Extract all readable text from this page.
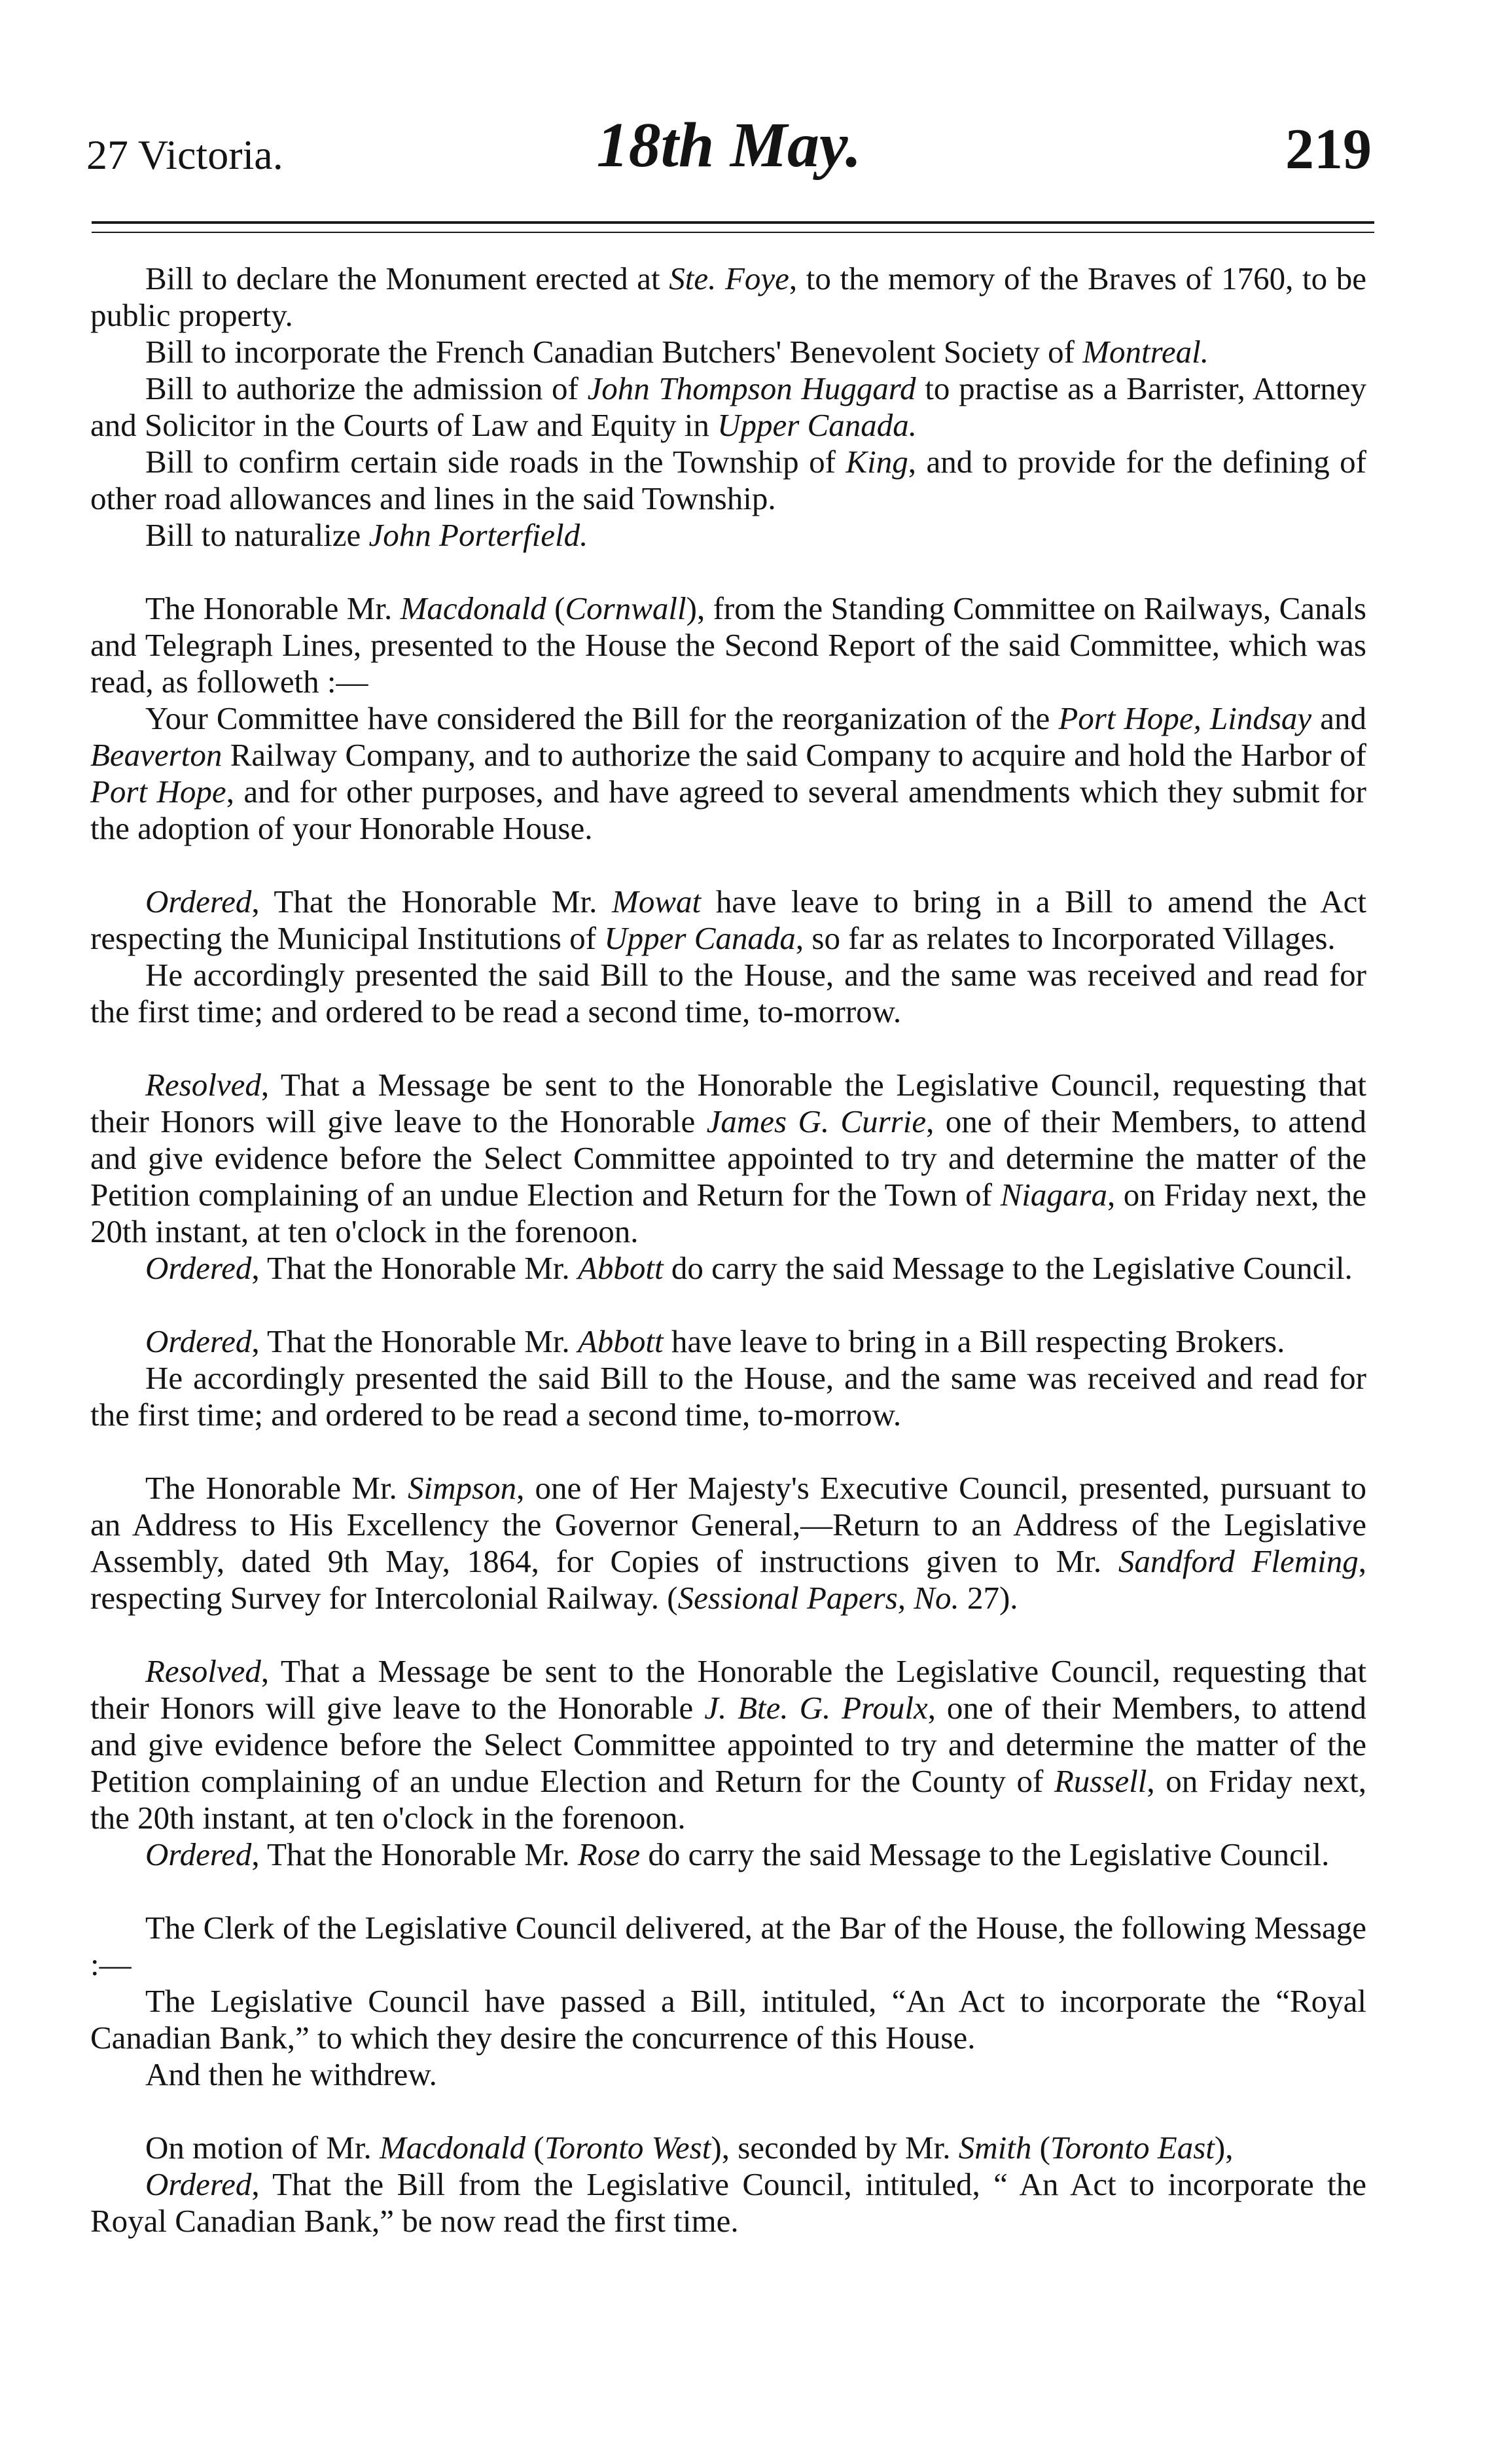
27 Victoria.	18th May.	219

Bill to declare the Monument erected at Ste. Foye, to the memory of the Braves of 1760, to be public property.

Bill to incorporate the French Canadian Butchers' Benevolent Society of Montreal.

Bill to authorize the admission of John Thompson Huggard to practise as a Barrister, Attorney and Solicitor in the Courts of Law and Equity in Upper Canada.

Bill to confirm certain side roads in the Township of King, and to provide for the defining of other road allowances and lines in the said Township.

Bill to naturalize John Porterfield.

The Honorable Mr. Macdonald (Cornwall), from the Standing Committee on Railways, Canals and Telegraph Lines, presented to the House the Second Report of the said Committee, which was read, as followeth :—

Your Committee have considered the Bill for the reorganization of the Port Hope, Lindsay and Beaverton Railway Company, and to authorize the said Company to acquire and hold the Harbor of Port Hope, and for other purposes, and have agreed to several amendments which they submit for the adoption of your Honorable House.

Ordered, That the Honorable Mr. Mowat have leave to bring in a Bill to amend the Act respecting the Municipal Institutions of Upper Canada, so far as relates to Incorporated Villages.

He accordingly presented the said Bill to the House, and the same was received and read for the first time; and ordered to be read a second time, to-morrow.

Resolved, That a Message be sent to the Honorable the Legislative Council, requesting that their Honors will give leave to the Honorable James G. Currie, one of their Members, to attend and give evidence before the Select Committee appointed to try and determine the matter of the Petition complaining of an undue Election and Return for the Town of Niagara, on Friday next, the 20th instant, at ten o'clock in the forenoon.

Ordered, That the Honorable Mr. Abbott do carry the said Message to the Legislative Council.

Ordered, That the Honorable Mr. Abbott have leave to bring in a Bill respecting Brokers.

He accordingly presented the said Bill to the House, and the same was received and read for the first time; and ordered to be read a second time, to-morrow.

The Honorable Mr. Simpson, one of Her Majesty's Executive Council, presented, pursuant to an Address to His Excellency the Governor General,—Return to an Address of the Legislative Assembly, dated 9th May, 1864, for Copies of instructions given to Mr. Sandford Fleming, respecting Survey for Intercolonial Railway. (Sessional Papers, No. 27).

Resolved, That a Message be sent to the Honorable the Legislative Council, requesting that their Honors will give leave to the Honorable J. Bte. G. Proulx, one of their Members, to attend and give evidence before the Select Committee appointed to try and determine the matter of the Petition complaining of an undue Election and Return for the County of Russell, on Friday next, the 20th instant, at ten o'clock in the forenoon.

Ordered, That the Honorable Mr. Rose do carry the said Message to the Legislative Council.

The Clerk of the Legislative Council delivered, at the Bar of the House, the following Message :—

The Legislative Council have passed a Bill, intituled, “An Act to incorporate the “Royal Canadian Bank,” to which they desire the concurrence of this House.

And then he withdrew.

On motion of Mr. Macdonald (Toronto West), seconded by Mr. Smith (Toronto East),

Ordered, That the Bill from the Legislative Council, intituled, “ An Act to incorporate the Royal Canadian Bank,” be now read the first time.
